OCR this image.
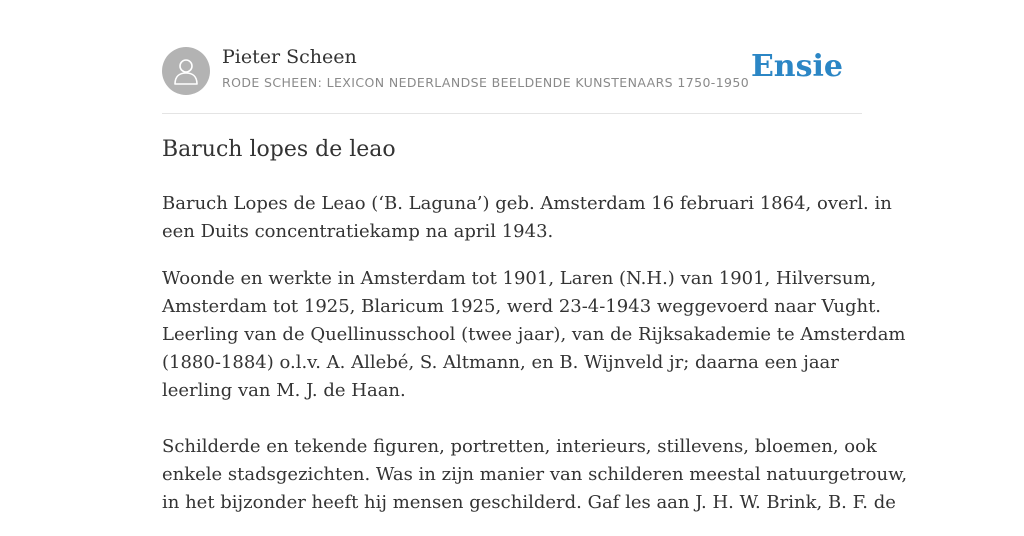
Pieter Scheen
RODE SCHEEN: LEXICON NEDERLANDSE BEELDENDE KUNSTENAARS 1750-1950 Ensie
Baruch lopes de leao

Baruch Lopes de Leao (‘B. Laguna’) geb. Amsterdam 16 februari 1864, overl. in
een Duits concentratiekamp na april 1943.

Woonde en werkte in Amsterdam tot 1901, Laren (N.H.) van 1901, Hilversum,
Amsterdam tot 1925, Blaricum 1925, werd 23-4-1943 weggevoerd naar Vught.
Leerling van de Quellinusschool (twee jaar), van de Rijksakademie te Amsterdam
(1880-1884) o.l.v. A. Allebé, S. Altmann, en B. Wijnveld jr; daarna een jaar
leerling van M. J. de Haan.
Schilderde en tekende figuren, portretten, interieurs, stillevens, bloemen, ook
enkele stadsgezichten. Was in zijn manier van schilderen meestal natuurgetrouw,
in het bijzonder heeft hij mensen geschilderd. Gaf les aan J. H. W. Brink, B. F. de
